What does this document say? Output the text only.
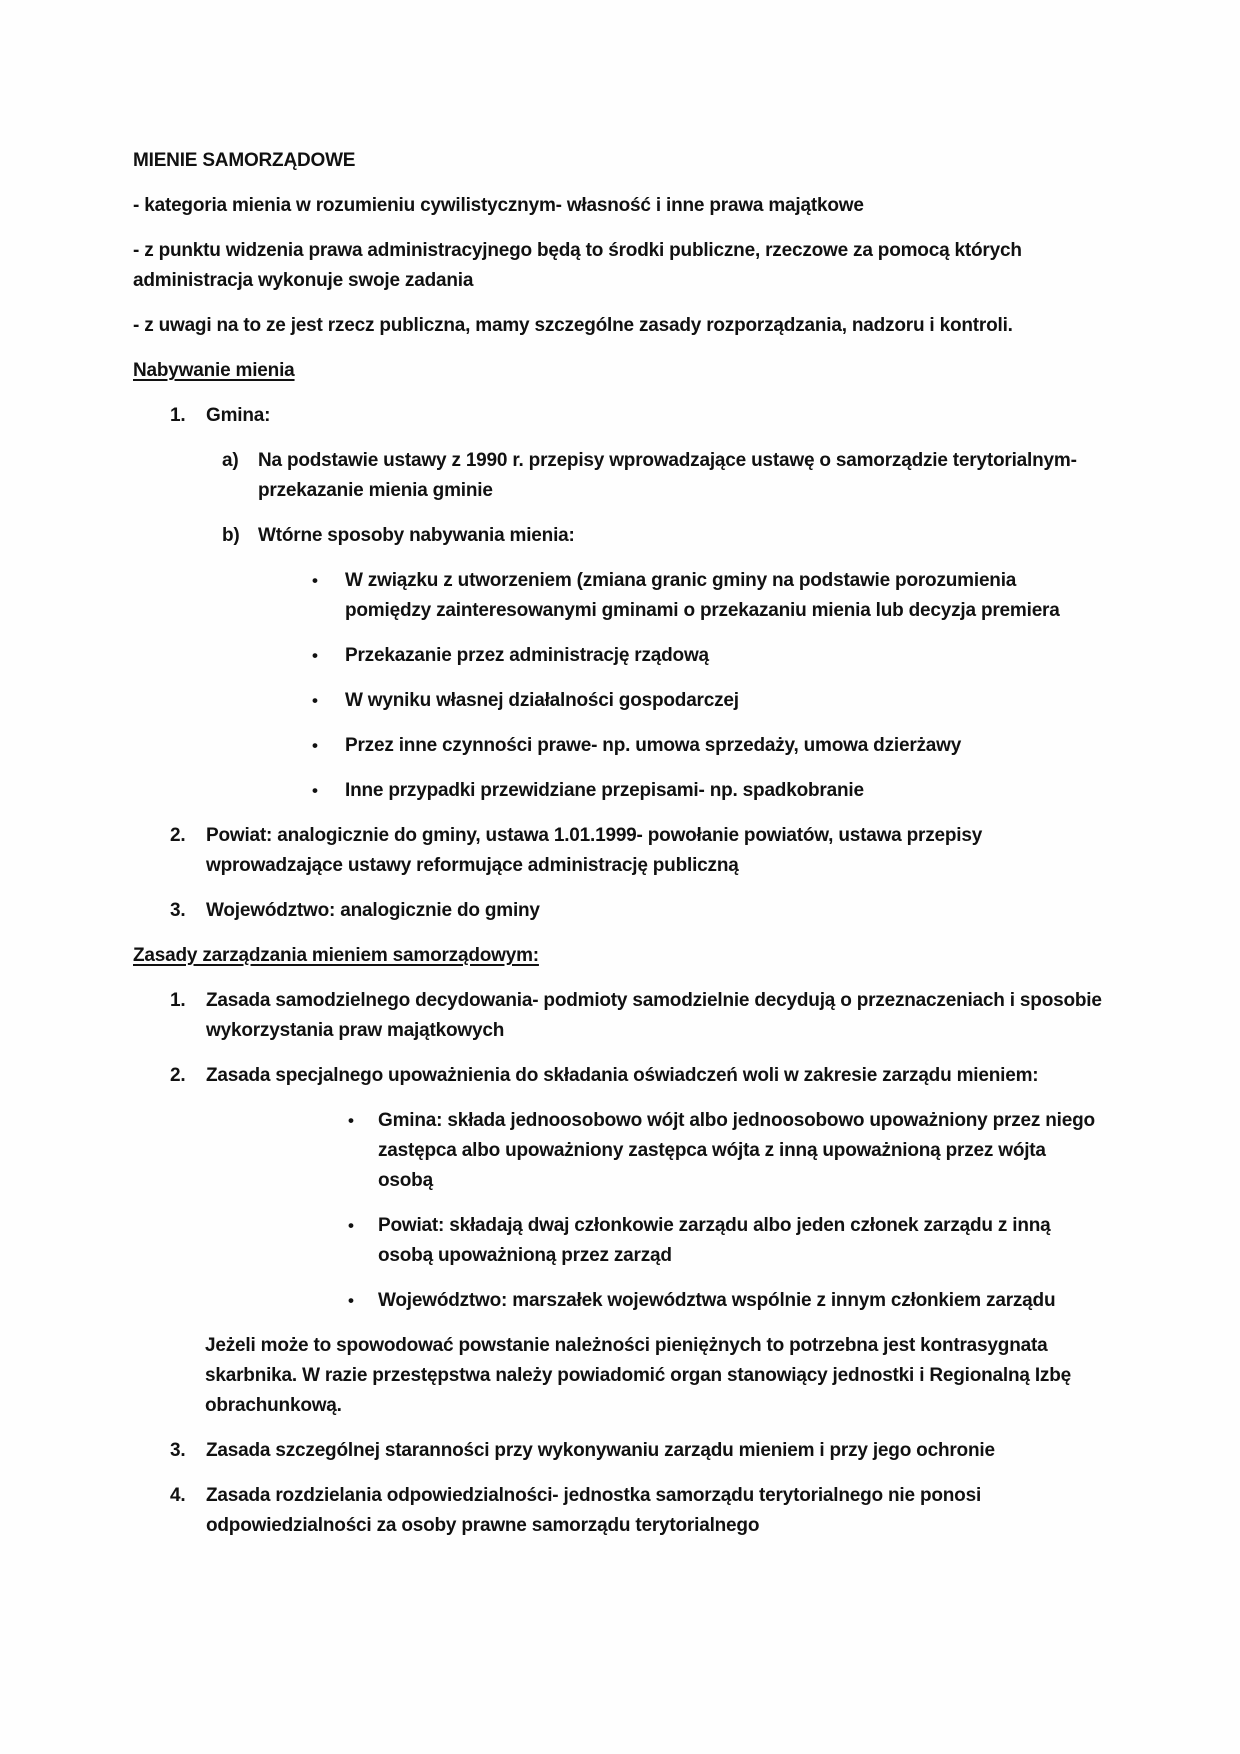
MIENIE SAMORZĄDOWE

- kategoria mienia w rozumieniu cywilistycznym- własność i inne prawa majątkowe

- z punktu widzenia prawa administracyjnego będą to środki publiczne, rzeczowe za pomocą których administracja wykonuje swoje zadania

- z uwagi na to ze jest rzecz publiczna, mamy szczególne zasady rozporządzania, nadzoru i kontroli.

Nabywanie mienia
1.	Gmina:
a)	Na podstawie ustawy z 1990 r. przepisy wprowadzające ustawę o samorządzie terytorialnym- przekazanie mienia gminie
b) Wtórne sposoby nabywania mienia:
•	W związku z utworzeniem (zmiana granic gminy na podstawie porozumienia pomiędzy zainteresowanymi gminami o przekazaniu mienia lub decyzja premiera
•	Przekazanie przez administrację rządową
•	W wyniku własnej działalności gospodarczej
•	Przez inne czynności prawe- np. umowa sprzedaży, umowa dzierżawy
•	Inne przypadki przewidziane przepisami- np. spadkobranie
2.	Powiat: analogicznie do gminy, ustawa 1.01.1999- powołanie powiatów, ustawa przepisy wprowadzające ustawy reformujące administrację publiczną
3.	Województwo: analogicznie do gminy
Zasady zarządzania mieniem samorządowym:
1.	Zasada samodzielnego decydowania- podmioty samodzielnie decydują o przeznaczeniach i sposobie wykorzystania praw majątkowych
2.	Zasada specjalnego upoważnienia do składania oświadczeń woli w zakresie zarządu mieniem:
•	Gmina: składa jednoosobowo wójt albo jednoosobowo upoważniony przez niego zastępca albo upoważniony zastępca wójta z inną upoważnioną przez wójta osobą
•	Powiat: składają dwaj członkowie zarządu albo jeden członek zarządu z inną osobą upoważnioną przez zarząd
•	Województwo: marszałek województwa wspólnie z innym członkiem zarządu

Jeżeli może to spowodować powstanie należności pieniężnych to potrzebna jest kontrasygnata skarbnika. W razie przestępstwa należy powiadomić organ stanowiący jednostki i Regionalną Izbę obrachunkową.

3.	Zasada szczególnej staranności przy wykonywaniu zarządu mieniem i przy jego ochronie
4.	Zasada rozdzielania odpowiedzialności- jednostka samorządu terytorialnego nie ponosi odpowiedzialności za osoby prawne samorządu terytorialnego
